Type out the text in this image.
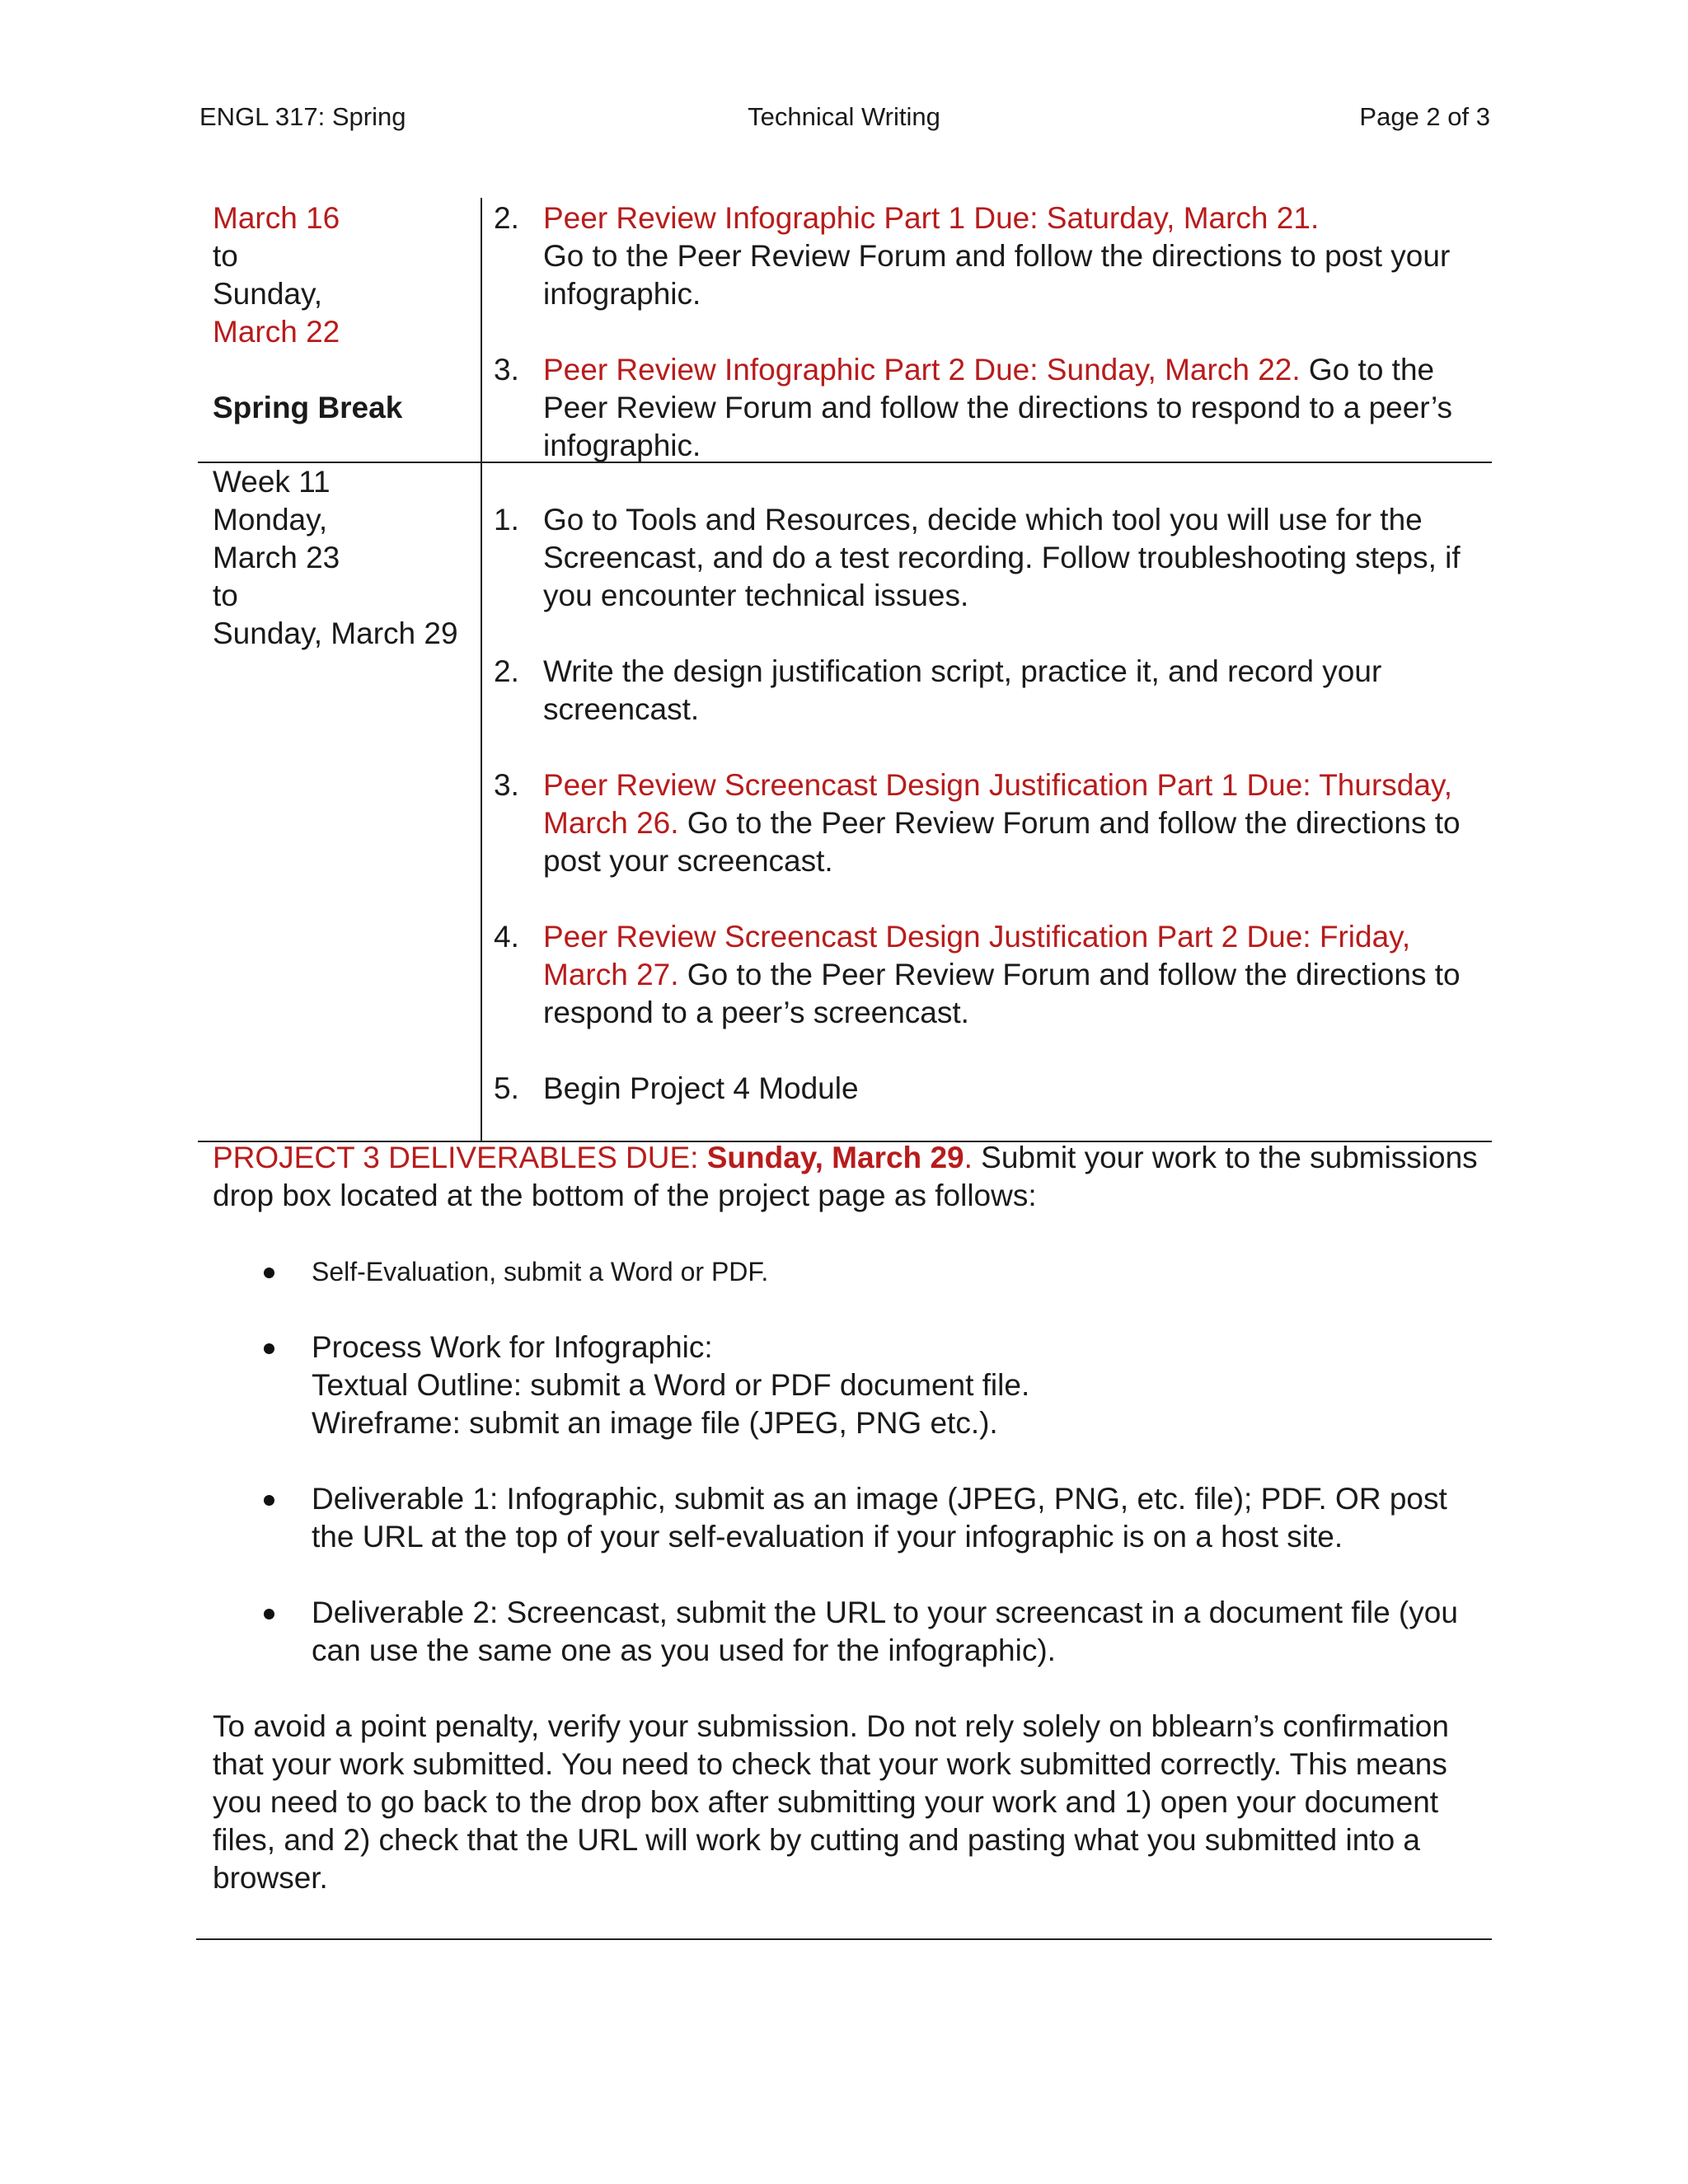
ENGL 317: Spring	Technical Writing	Page 2 of 3
March 16
to
Sunday,
March 22
Spring Break
2. Peer Review Infographic Part 1 Due: Saturday, March 21.
Go to the Peer Review Forum and follow the directions to post your infographic.
3. Peer Review Infographic Part 2 Due: Sunday, March 22. Go to the Peer Review Forum and follow the directions to respond to a peer’s infographic.
Week 11
Monday,
March 23
to
Sunday, March 29
1. Go to Tools and Resources, decide which tool you will use for the Screencast, and do a test recording. Follow troubleshooting steps, if you encounter technical issues.
2. Write the design justification script, practice it, and record your screencast.
3. Peer Review Screencast Design Justification Part 1 Due: Thursday, March 26. Go to the Peer Review Forum and follow the directions to post your screencast.
4. Peer Review Screencast Design Justification Part 2 Due: Friday, March 27. Go to the Peer Review Forum and follow the directions to respond to a peer’s screencast.
5. Begin Project 4 Module
PROJECT 3 DELIVERABLES DUE: Sunday, March 29. Submit your work to the submissions drop box located at the bottom of the project page as follows:
Self-Evaluation, submit a Word or PDF.
Process Work for Infographic:
Textual Outline: submit a Word or PDF document file.
Wireframe: submit an image file (JPEG, PNG etc.).
Deliverable 1: Infographic, submit as an image (JPEG, PNG, etc. file); PDF. OR post the URL at the top of your self-evaluation if your infographic is on a host site.
Deliverable 2: Screencast, submit the URL to your screencast in a document file (you can use the same one as you used for the infographic).
To avoid a point penalty, verify your submission. Do not rely solely on bblearn’s confirmation that your work submitted. You need to check that your work submitted correctly. This means you need to go back to the drop box after submitting your work and 1) open your document files, and 2) check that the URL will work by cutting and pasting what you submitted into a browser.
